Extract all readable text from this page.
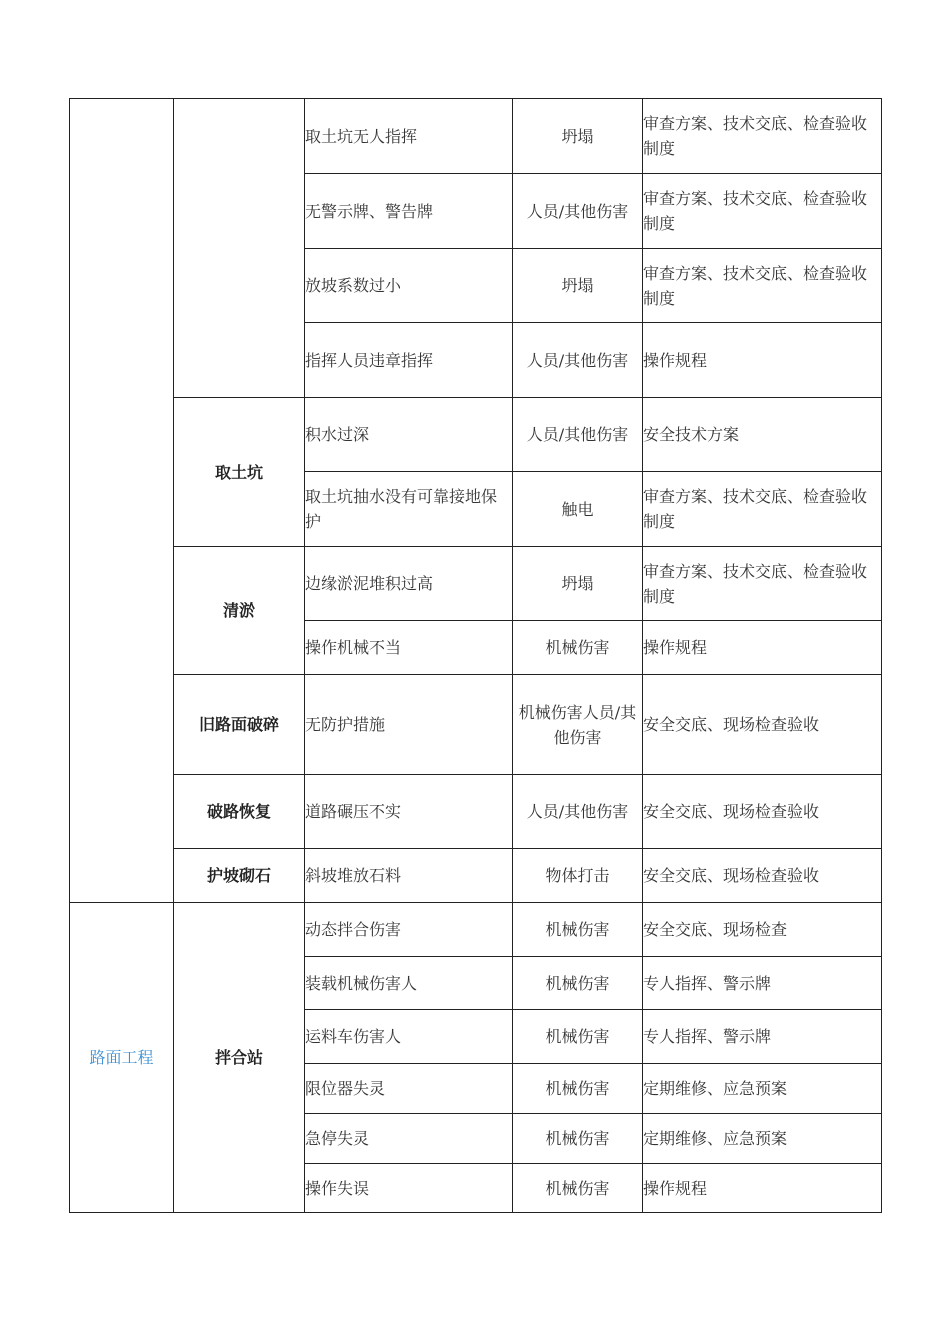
		取土坑无人指挥	坍塌	审查方案、技术交底、检查验收制度
		无警示牌、警告牌	人员/其他伤害	审查方案、技术交底、检查验收制度
		放坡系数过小	坍塌	审查方案、技术交底、检查验收制度
		指挥人员违章指挥	人员/其他伤害	操作规程
	取土坑	积水过深	人员/其他伤害	安全技术方案
		取土坑抽水没有可靠接地保护	触电	审查方案、技术交底、检查验收制度
	清淤	边缘淤泥堆积过高	坍塌	审查方案、技术交底、检查验收制度
		操作机械不当	机械伤害	操作规程
	旧路面破碎	无防护措施	机械伤害人员/其他伤害	安全交底、现场检查验收
	破路恢复	道路碾压不实	人员/其他伤害	安全交底、现场检查验收
	护坡砌石	斜坡堆放石料	物体打击	安全交底、现场检查验收
路面工程	拌合站	动态拌合伤害	机械伤害	安全交底、现场检查
		装载机械伤害人	机械伤害	专人指挥、警示牌
		运料车伤害人	机械伤害	专人指挥、警示牌
		限位器失灵	机械伤害	定期维修、应急预案
		急停失灵	机械伤害	定期维修、应急预案
		操作失误	机械伤害	操作规程
